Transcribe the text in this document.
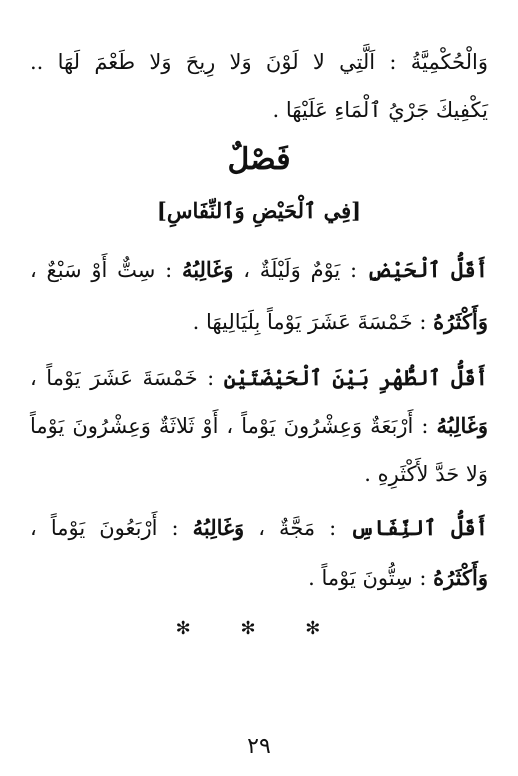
وَالْحُكْمِيَّةُ : اَلَّتِي لا لَوْنَ وَلا رِيحَ وَلا طَعْمَ لَهَا ..
يَكْفِيكَ جَرْيُ ٱلْمَاءِ عَلَيْهَا .
فَصْلٌ
[فِي ٱلْحَيْضِ وَٱلنِّفَاسِ]
أَقَلُّ ٱلْحَيْضِ : يَوْمٌ وَلَيْلَةٌ ، وَغَالِبُهُ : سِتٌّ أَوْ سَبْعٌ ،
وَأَكْثَرُهُ : خَمْسَةَ عَشَرَ يَوْماً بِلَيَالِيهَا .
أَقَلُّ ٱلطُّهْرِ بَيْنَ ٱلْحَيْضَتَيْنِ : خَمْسَةَ عَشَرَ يَوْماً ،
وَغَالِبُهُ : أَرْبَعَةٌ وَعِشْرُونَ يَوْماً ، أَوْ ثَلاثَةٌ وَعِشْرُونَ يَوْماً
وَلا حَدَّ لأَكْثَرِهِ .
أَقَلُّ ٱلنِّفَاسِ : مَجَّةٌ ، وَغَالِبُهُ : أَرْبَعُونَ يَوْماً ،
وَأَكْثَرُهُ : سِتُّونَ يَوْماً .
✻ ✻ ✻
٢٩
